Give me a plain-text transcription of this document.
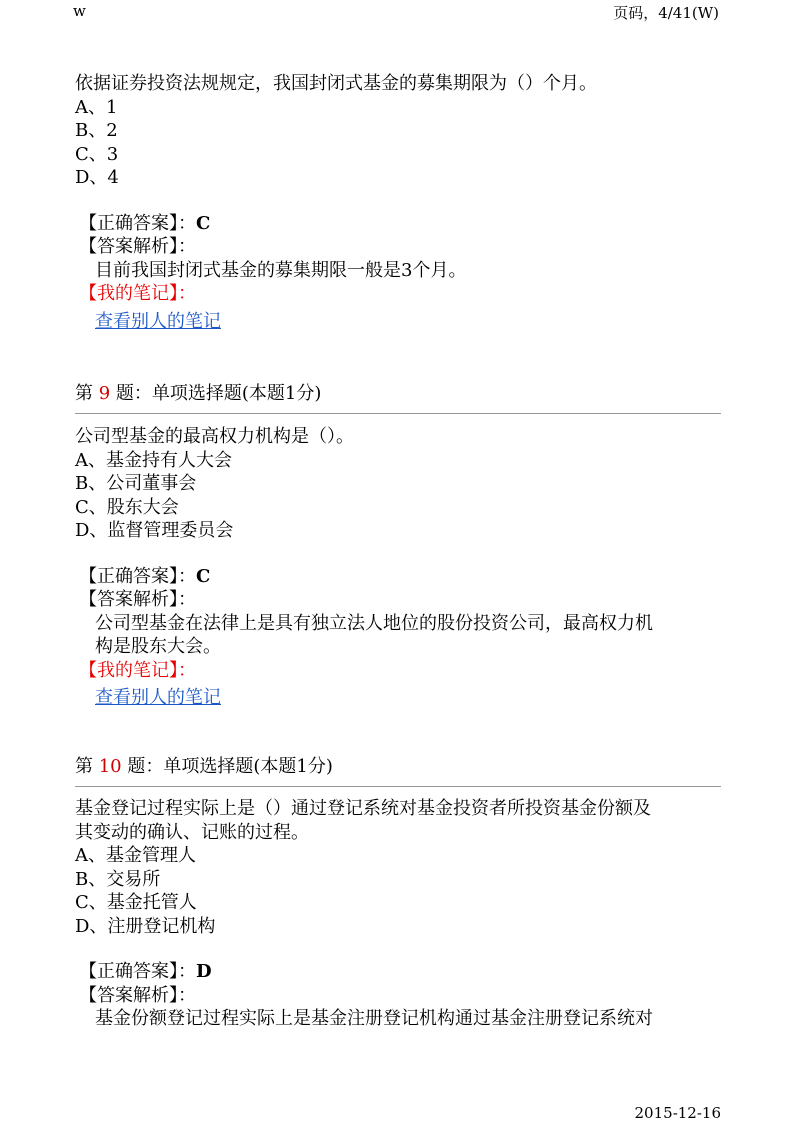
w	页码，4/41(W)
依据证券投资法规规定，我国封闭式基金的募集期限为（）个月。
A、1
B、2
C、3
D、4
【正确答案】：C
【答案解析】：
目前我国封闭式基金的募集期限一般是3个月。
【我的笔记】：
查看别人的笔记
第 9 题：单项选择题(本题1分)
公司型基金的最高权力机构是（）。
A、基金持有人大会
B、公司董事会
C、股东大会
D、监督管理委员会
【正确答案】：C
【答案解析】：
公司型基金在法律上是具有独立法人地位的股份投资公司，最高权力机
构是股东大会。
【我的笔记】：
查看别人的笔记
第 10 题：单项选择题(本题1分)
基金登记过程实际上是（）通过登记系统对基金投资者所投资基金份额及
其变动的确认、记账的过程。
A、基金管理人
B、交易所
C、基金托管人
D、注册登记机构
【正确答案】：D
【答案解析】：
基金份额登记过程实际上是基金注册登记机构通过基金注册登记系统对
2015-12-16
